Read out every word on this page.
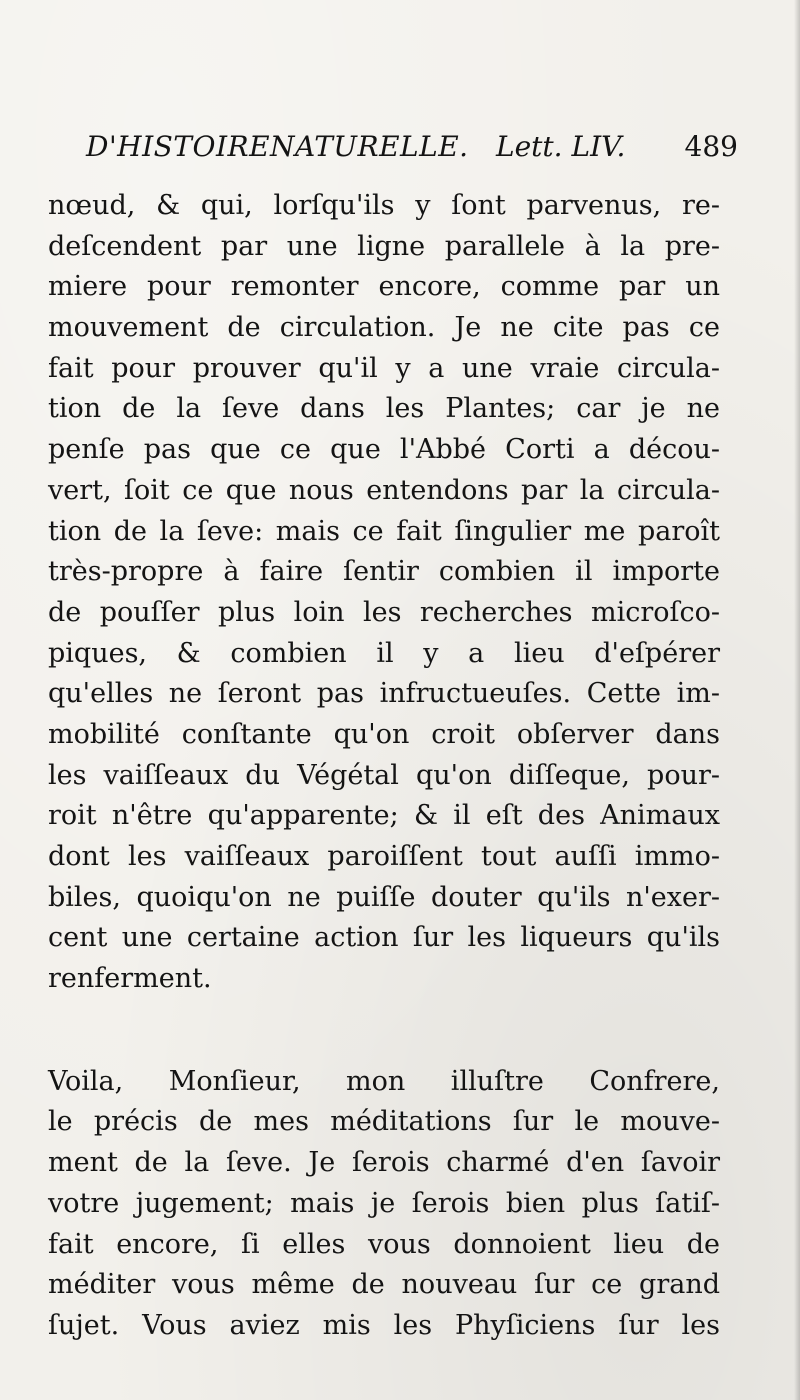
D'HISTOIRENATURELLE. Lett. LIV. 489
nœud, & qui, lorſqu'ils y ſont parvenus, re-
deſcendent par une ligne parallele à la pre-
miere pour remonter encore, comme par un
mouvement de circulation. Je ne cite pas ce
fait pour prouver qu'il y a une vraie circula-
tion de la ſeve dans les Plantes; car je ne
penſe pas que ce que l'Abbé Corti a décou-
vert, ſoit ce que nous entendons par la circula-
tion de la ſeve: mais ce fait ſingulier me paroît
très-propre à faire ſentir combien il importe
de pouſſer plus loin les recherches microſco-
piques, & combien il y a lieu d'eſpérer
qu'elles ne ſeront pas infructueuſes. Cette im-
mobilité conſtante qu'on croit obſerver dans
les vaiſſeaux du Végétal qu'on diſſeque, pour-
roit n'être qu'apparente; & il eſt des Animaux
dont les vaiſſeaux paroiſſent tout auſſi immo-
biles, quoiqu'on ne puiſſe douter qu'ils n'exer-
cent une certaine action ſur les liqueurs qu'ils
renferment.
Voila, Monſieur, mon illuſtre Confrere,
le précis de mes méditations ſur le mouve-
ment de la ſeve. Je ſerois charmé d'en ſavoir
votre jugement; mais je ſerois bien plus ſatiſ-
fait encore, ſi elles vous donnoient lieu de
méditer vous même de nouveau ſur ce grand
ſujet. Vous aviez mis les Phyſiciens ſur les
